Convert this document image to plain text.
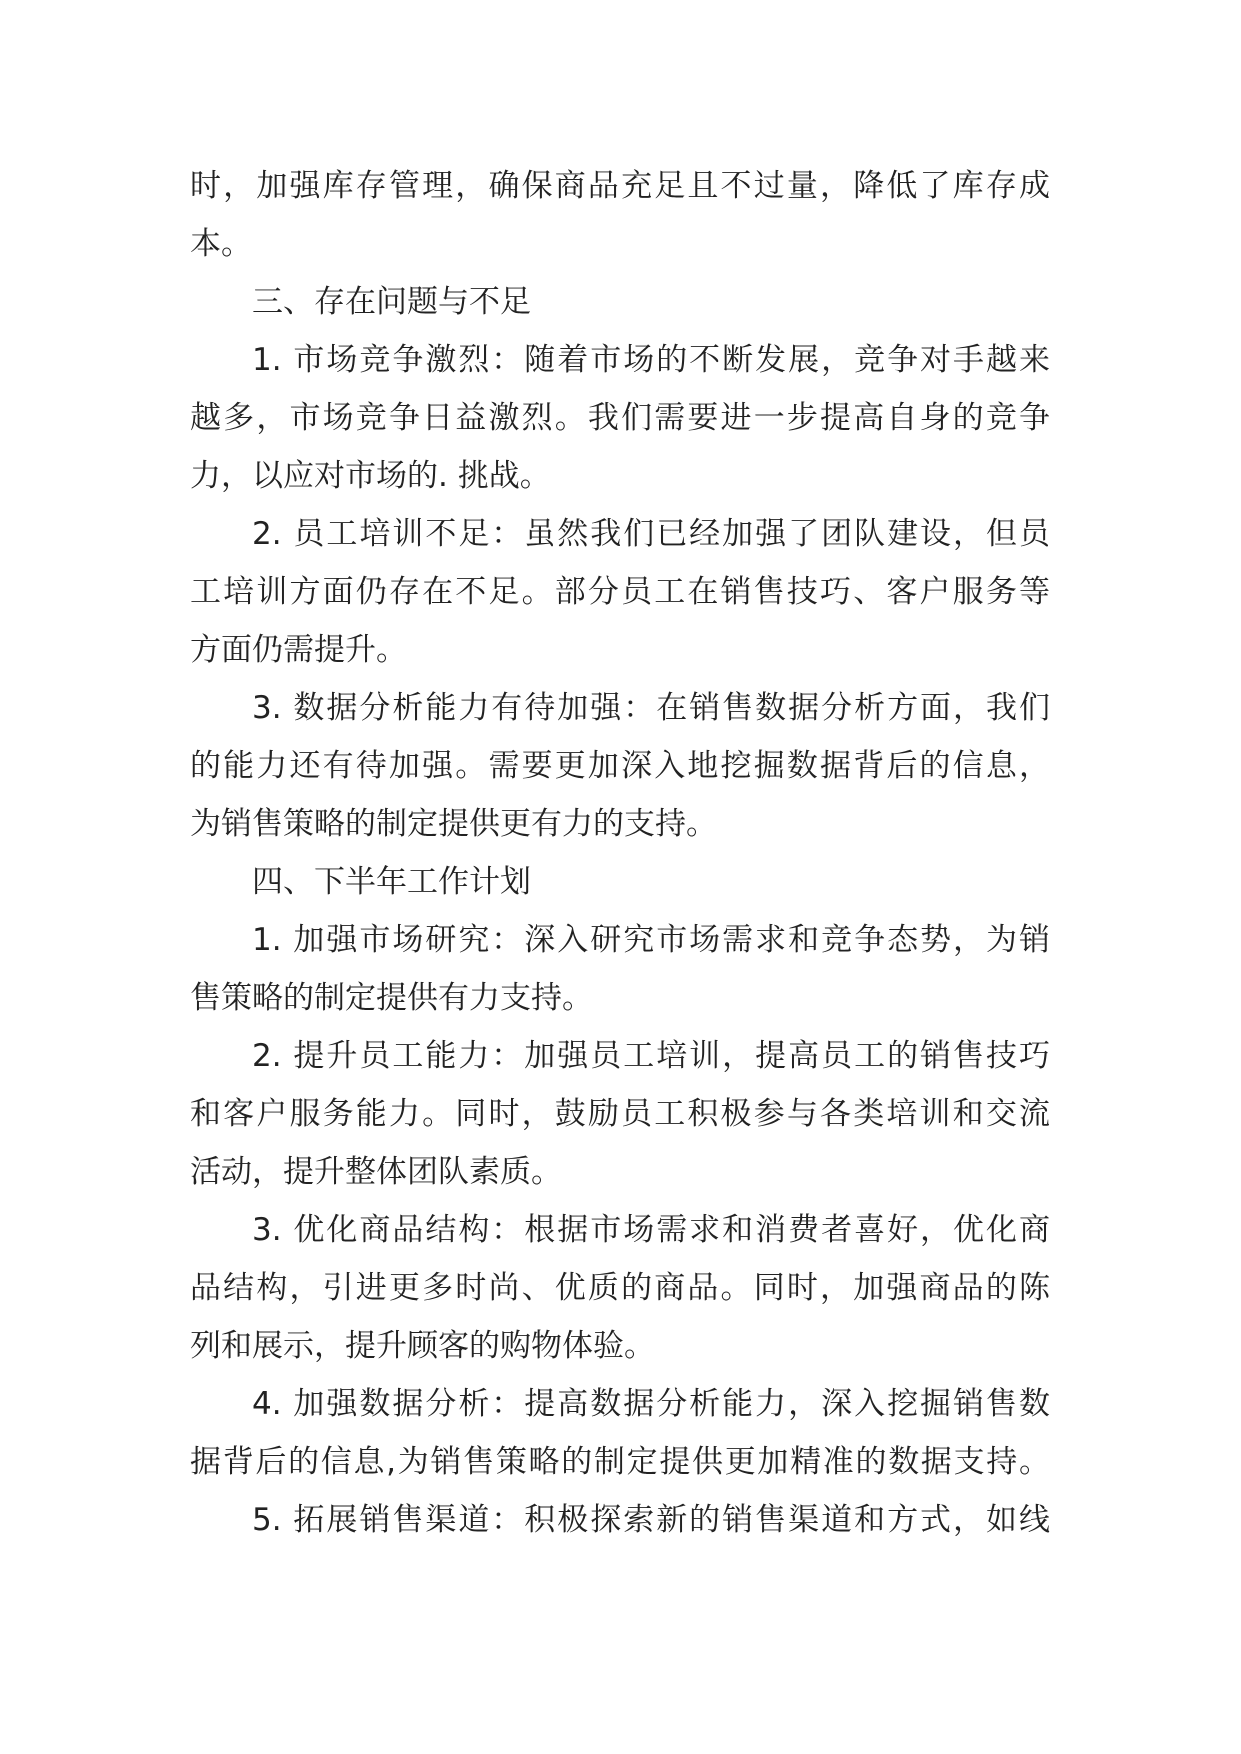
时，加强库存管理，确保商品充足且不过量，降低了库存成
本。
三、存在问题与不足
1. 市场竞争激烈：随着市场的不断发展，竞争对手越来
越多，市场竞争日益激烈。我们需要进一步提高自身的竞争
力，以应对市场的. 挑战。
2. 员工培训不足：虽然我们已经加强了团队建设，但员
工培训方面仍存在不足。部分员工在销售技巧、客户服务等
方面仍需提升。
3. 数据分析能力有待加强：在销售数据分析方面，我们
的能力还有待加强。需要更加深入地挖掘数据背后的信息，
为销售策略的制定提供更有力的支持。
四、下半年工作计划
1. 加强市场研究：深入研究市场需求和竞争态势，为销
售策略的制定提供有力支持。
2. 提升员工能力：加强员工培训，提高员工的销售技巧
和客户服务能力。同时，鼓励员工积极参与各类培训和交流
活动，提升整体团队素质。
3. 优化商品结构：根据市场需求和消费者喜好，优化商
品结构，引进更多时尚、优质的商品。同时，加强商品的陈
列和展示，提升顾客的购物体验。
4. 加强数据分析：提高数据分析能力，深入挖掘销售数
据背后的信息,为销售策略的制定提供更加精准的数据支持。
5. 拓展销售渠道：积极探索新的销售渠道和方式，如线
